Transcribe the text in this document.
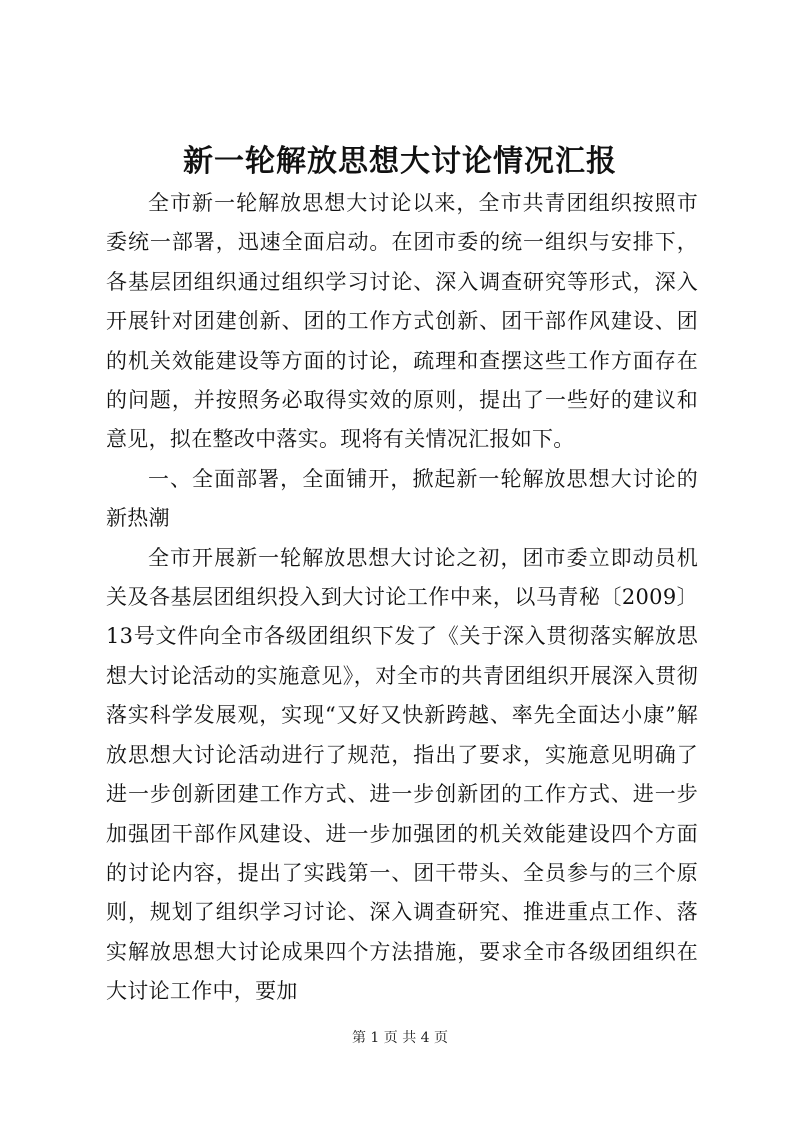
新一轮解放思想大讨论情况汇报

全市新一轮解放思想大讨论以来，全市共青团组织按照市委统一部署，迅速全面启动。在团市委的统一组织与安排下，各基层团组织通过组织学习讨论、深入调查研究等形式，深入开展针对团建创新、团的工作方式创新、团干部作风建设、团的机关效能建设等方面的讨论，疏理和查摆这些工作方面存在的问题，并按照务必取得实效的原则，提出了一些好的建议和意见，拟在整改中落实。现将有关情况汇报如下。

一、全面部署，全面铺开，掀起新一轮解放思想大讨论的新热潮

全市开展新一轮解放思想大讨论之初，团市委立即动员机关及各基层团组织投入到大讨论工作中来，以马青秘〔2009〕13号文件向全市各级团组织下发了《关于深入贯彻落实解放思想大讨论活动的实施意见》，对全市的共青团组织开展深入贯彻落实科学发展观，实现“又好又快新跨越、率先全面达小康”解放思想大讨论活动进行了规范，指出了要求，实施意见明确了进一步创新团建工作方式、进一步创新团的工作方式、进一步加强团干部作风建设、进一步加强团的机关效能建设四个方面的讨论内容，提出了实践第一、团干带头、全员参与的三个原则，规划了组织学习讨论、深入调查研究、推进重点工作、落实解放思想大讨论成果四个方法措施，要求全市各级团组织在大讨论工作中，要加

第 1 页 共 4 页
